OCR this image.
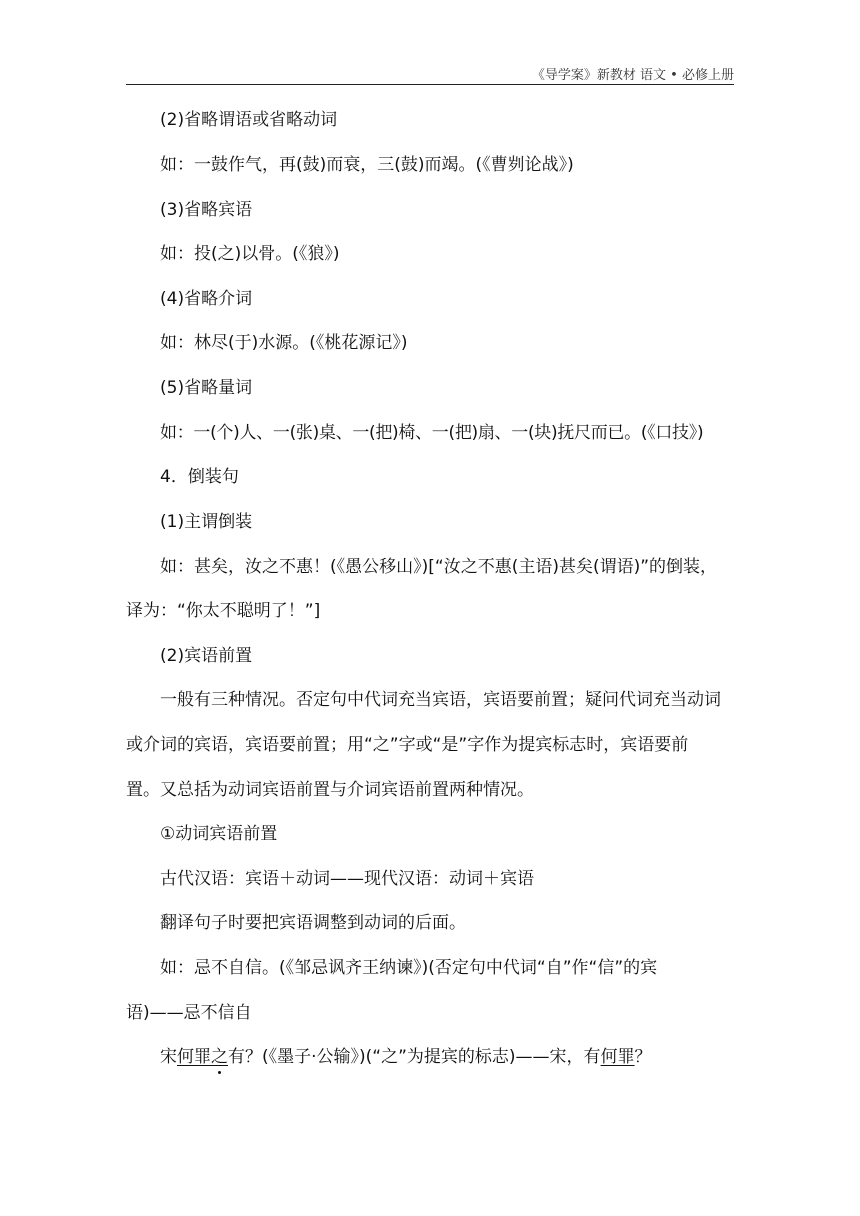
《导学案》新教材 语文 • 必修上册
(2)省略谓语或省略动词
如：一鼓作气，再(鼓)而衰，三(鼓)而竭。(《曹刿论战》)
(3)省略宾语
如：投(之)以骨。(《狼》)
(4)省略介词
如：林尽(于)水源。(《桃花源记》)
(5)省略量词
如：一(个)人、一(张)桌、一(把)椅、一(把)扇、一(块)抚尺而已。(《口技》)
4．倒装句
(1)主谓倒装
如：甚矣，汝之不惠！(《愚公移山》)[“汝之不惠(主语)甚矣(谓语)”的倒装，
译为：“你太不聪明了！”]
(2)宾语前置
一般有三种情况。否定句中代词充当宾语，宾语要前置；疑问代词充当动词
或介词的宾语，宾语要前置；用“之”字或“是”字作为提宾标志时，宾语要前
置。又总括为动词宾语前置与介词宾语前置两种情况。
①动词宾语前置
古代汉语：宾语＋动词——现代汉语：动词＋宾语
翻译句子时要把宾语调整到动词的后面。
如：忌不自信。(《邹忌讽齐王纳谏》)(否定句中代词“自”作“信”的宾
语)——忌不信自
宋何罪之有？(《墨子·公输》)(“之”为提宾的标志)——宋，有何罪？
